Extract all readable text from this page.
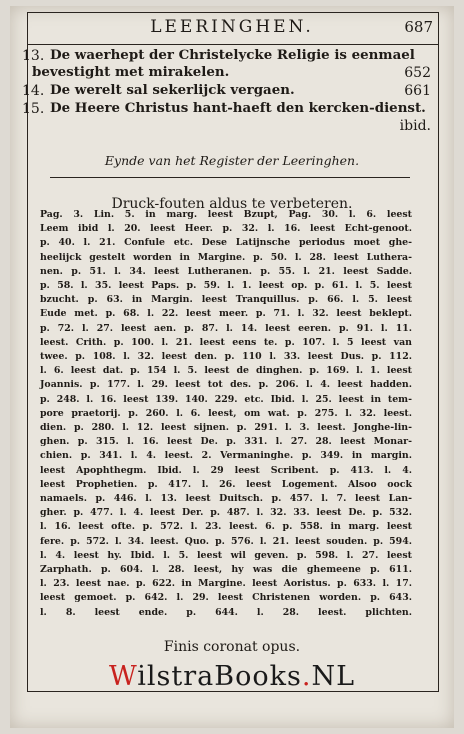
LEERINGHEN.	687
13. De waerhept der Christelycke Religie is eenmael
bevestight met mirakelen.	652
14. De werelt sal sekerlijck vergaen.	661
15. De Heere Christus hant-haeft den kercken-dienst.
ibid.
Eynde van het Register der Leeringhen.
Druck-fouten aldus te verbeteren.
Pag. 3. Lin. 5. in marg. leest Bzupt, Pag. 30. l. 6. leest
Leem ibid l. 20. leest Heer. p. 32. l. 16. leest Echt-genoot.
p. 40. l. 21. Confule etc. Dese Latijnsche periodus moet ghe-
heelijck gestelt worden in Margine. p. 50. l. 28. leest Luthera-
nen. p. 51. l. 34. leest Lutheranen. p. 55. l. 21. leest Sadde.
p. 58. l. 35. leest Paps. p. 59. l. 1. leest op. p. 61. l. 5. leest
bzucht. p. 63. in Margin. leest Tranquillus. p. 66. l. 5. leest
Eude met. p. 68. l. 22. leest meer. p. 71. l. 32. leest beklept.
p. 72. l. 27. leest aen. p. 87. l. 14. leest eeren. p. 91. l. 11.
leest. Crith. p. 100. l. 21. leest eens te. p. 107. l. 5 leest van
twee. p. 108. l. 32. leest den. p. 110 l. 33. leest Dus. p. 112.
l. 6. leest dat. p. 154 l. 5. leest de dinghen. p. 169. l. 1. leest
Joannis. p. 177. l. 29. leest tot des. p. 206. l. 4. leest hadden.
p. 248. l. 16. leest 139. 140. 229. etc. Ibid. l. 25. leest in tem-
pore praetorij. p. 260. l. 6. leest, om wat. p. 275. l. 32. leest.
dien. p. 280. l. 12. leest sijnen. p. 291. l. 3. leest. Jonghe-lin-
ghen. p. 315. l. 16. leest De. p. 331. l. 27. 28. leest Monar-
chien. p. 341. l. 4. leest. 2. Vermaninghe. p. 349. in margin.
leest Apophthegm. Ibid. l. 29 leest Scribent. p. 413. l. 4.
leest Prophetien. p. 417. l. 26. leest Logement. Alsoo oock
namaels. p. 446. l. 13. leest Duitsch. p. 457. l. 7. leest Lan-
gher. p. 477. l. 4. leest Der. p. 487. l. 32. 33. leest De. p. 532.
l. 16. leest ofte. p. 572. l. 23. leest. 6. p. 558. in marg. leest
fere. p. 572. l. 34. leest. Quo. p. 576. l. 21. leest souden. p. 594.
l. 4. leest hy. Ibid. l. 5. leest wil geven. p. 598. l. 27. leest
Zarphath. p. 604. l. 28. leest, hy was die ghemeene p. 611.
l. 23. leest nae. p. 622. in Margine. leest Aoristus. p. 633. l. 17.
leest gemoet. p. 642. l. 29. leest Christenen worden. p. 643.
l. 8. leest ende. p. 644. l. 28. leest. plichten.
Finis coronat opus.
WilstraBooks.NL
